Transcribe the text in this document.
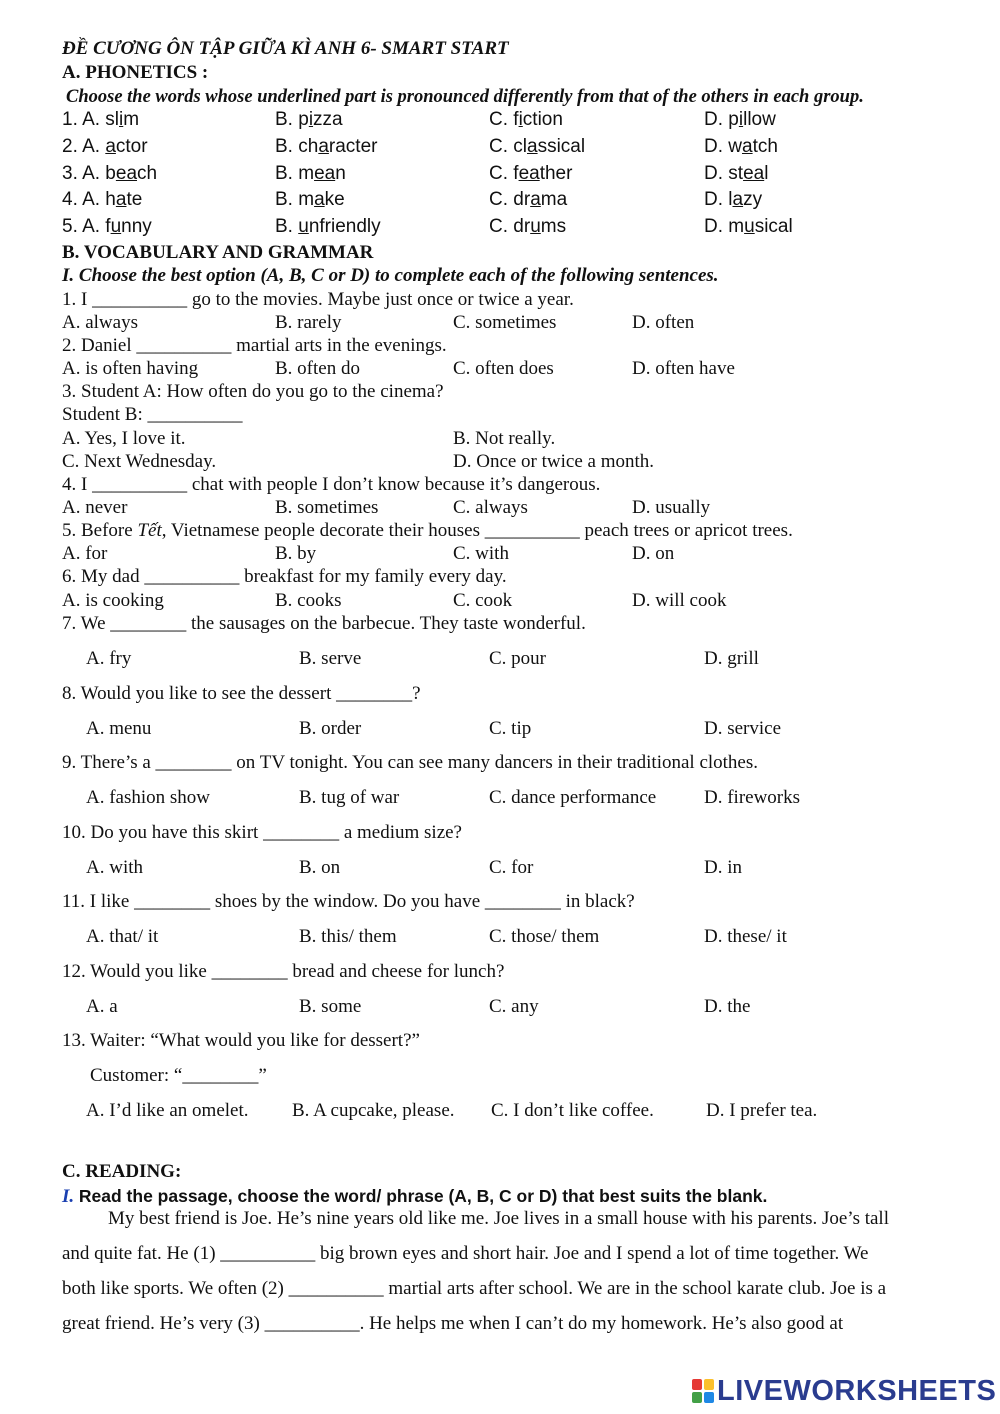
ĐỀ CƯƠNG ÔN TẬP GIỮA KÌ ANH 6- SMART START
A. PHONETICS :
Choose the words whose underlined part is pronounced differently from that of the others in each group.
1. A. slim	B. pizza	C. fiction	D. pillow
2. A. actor	B. character	C. classical	D. watch
3. A. beach	B. mean	C. feather	D. steal
4. A. hate	B. make	C. drama	D. lazy
5. A. funny	B. unfriendly	C. drums	D. musical
B. VOCABULARY AND GRAMMAR
I. Choose the best option (A, B, C or D) to complete each of the following sentences.
1. I __________ go to the movies. Maybe just once or twice a year.
A. always	B. rarely	C. sometimes	D. often
2. Daniel __________ martial arts in the evenings.
A. is often having	B. often do	C. often does	D. often have
3. Student A: How often do you go to the cinema?
Student B: __________
A. Yes, I love it.	B. Not really.
C. Next Wednesday.	D. Once or twice a month.
4. I __________ chat with people I don’t know because it’s dangerous.
A. never	B. sometimes	C. always	D. usually
5. Before Tết, Vietnamese people decorate their houses __________ peach trees or apricot trees.
A. for	B. by	C. with	D. on
6. My dad __________ breakfast for my family every day.
A. is cooking	B. cooks	C. cook	D. will cook
7. We ________ the sausages on the barbecue. They taste wonderful.
A. fry	B. serve	C. pour	D. grill
8. Would you like to see the dessert ________?
A. menu	B. order	C. tip	D. service
9. There’s a ________ on TV tonight. You can see many dancers in their traditional clothes.
A. fashion show	B. tug of war	C. dance performance	D. fireworks
10. Do you have this skirt ________ a medium size?
A. with	B. on	C. for	D. in
11. I like ________ shoes by the window. Do you have ________ in black?
A. that/ it	B. this/ them	C. those/ them	D. these/ it
12. Would you like ________ bread and cheese for lunch?
A. a	B. some	C. any	D. the
13. Waiter: “What would you like for dessert?”
Customer: “________”
A. I’d like an omelet. B. A cupcake, please. C. I don’t like coffee.	D. I prefer tea.
C. READING:
I. Read the passage, choose the word/ phrase (A, B, C or D) that best suits the blank.
My best friend is Joe. He’s nine years old like me. Joe lives in a small house with his parents. Joe’s tall
and quite fat. He (1) __________ big brown eyes and short hair. Joe and I spend a lot of time together. We
both like sports. We often (2) __________ martial arts after school. We are in the school karate club. Joe is a
great friend. He’s very (3) __________. He helps me when I can’t do my homework. He’s also good at
LIVEWORKSHEETS
